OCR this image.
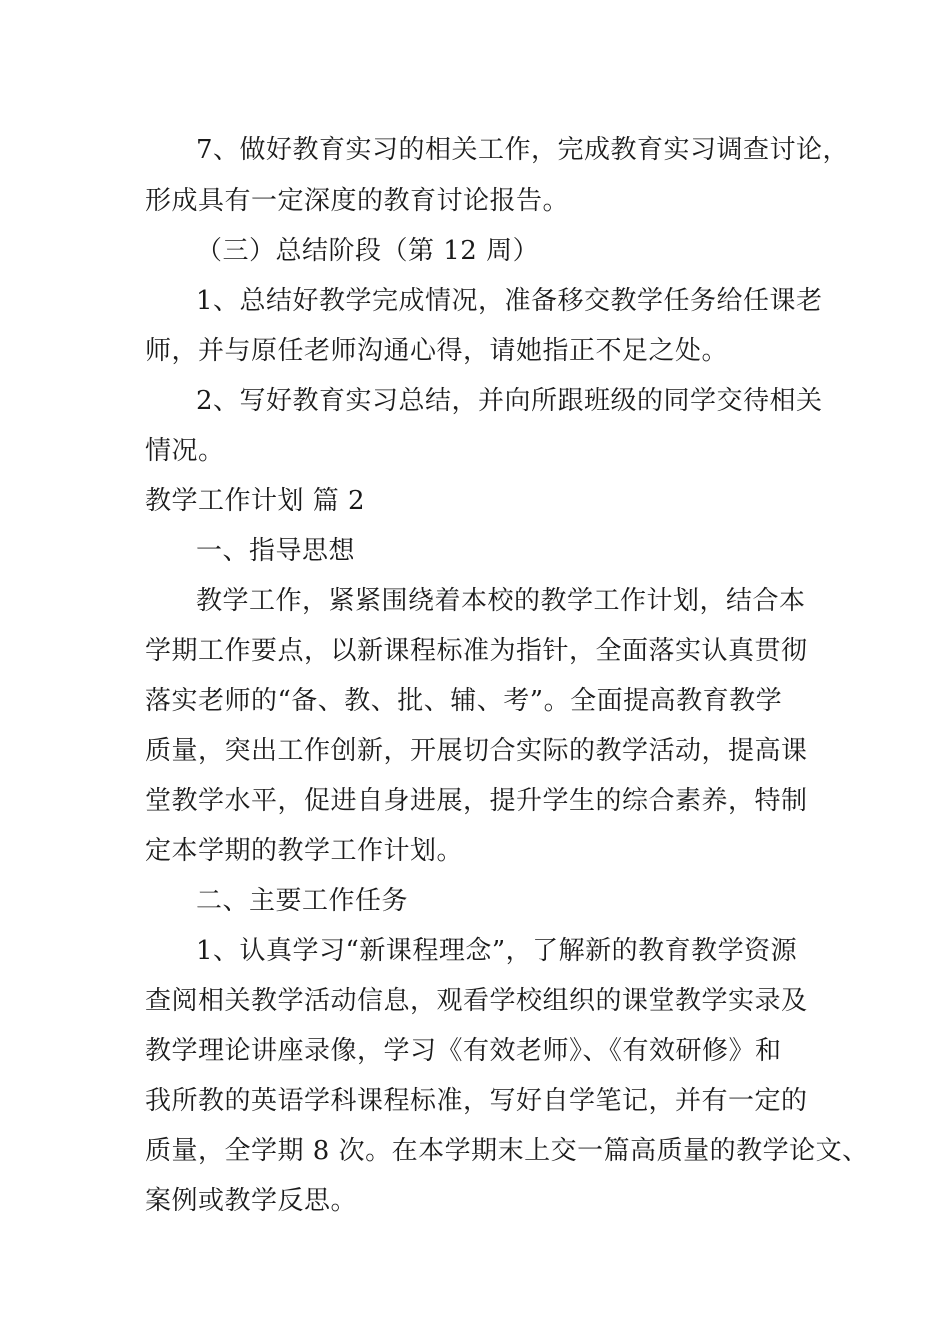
7、做好教育实习的相关工作，完成教育实习调查讨论，
形成具有一定深度的教育讨论报告。
（三）总结阶段（第 12 周）
1、总结好教学完成情况，准备移交教学任务给任课老
师，并与原任老师沟通心得，请她指正不足之处。
2、写好教育实习总结，并向所跟班级的同学交待相关
情况。
教学工作计划 篇 2
一、指导思想
教学工作，紧紧围绕着本校的教学工作计划，结合本
学期工作要点，以新课程标准为指针，全面落实认真贯彻
落实老师的“备、教、批、辅、考”。全面提高教育教学
质量，突出工作创新，开展切合实际的教学活动，提高课
堂教学水平，促进自身进展，提升学生的综合素养，特制
定本学期的教学工作计划。
二、主要工作任务
1、认真学习“新课程理念”，了解新的教育教学资源
查阅相关教学活动信息，观看学校组织的课堂教学实录及
教学理论讲座录像，学习《有效老师》、《有效研修》和
我所教的英语学科课程标准，写好自学笔记，并有一定的
质量，全学期 8 次。在本学期末上交一篇高质量的教学论文、
案例或教学反思。
